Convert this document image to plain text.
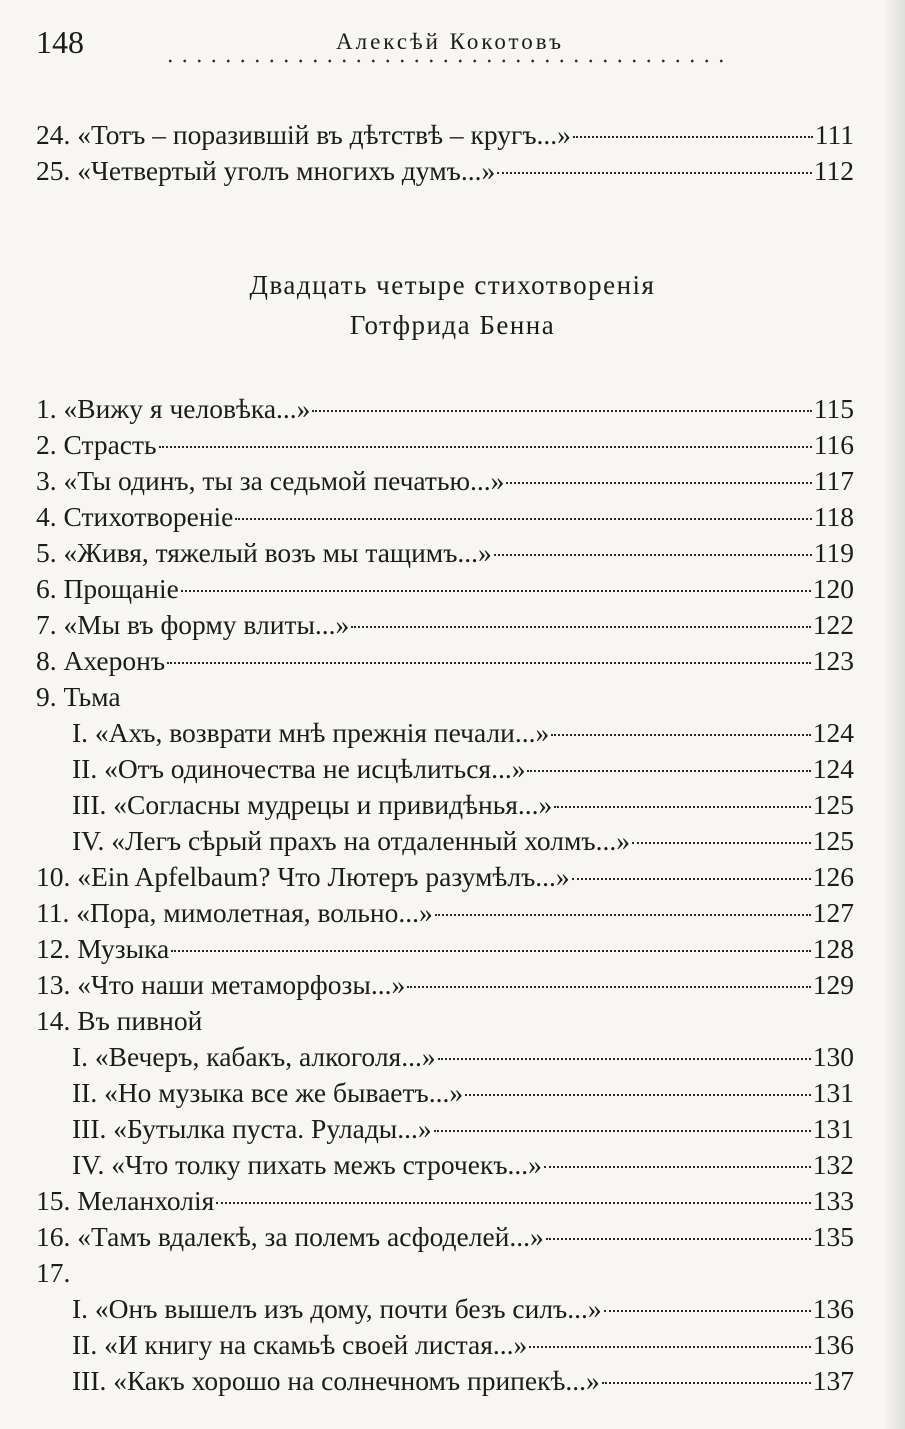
148	Алексѣй Кокотовъ
24. «Тотъ – поразившій въ дѣтствѣ – кругъ...»	111
25. «Четвертый уголъ многихъ думъ...»	112
Двадцать четыре стихотворенія
Готфрида Бенна
1. «Вижу я человѣка...»	115
2. Страсть	116
3. «Ты одинъ, ты за седьмой печатью...»	117
4. Стихотвореніе	118
5. «Живя, тяжелый возъ мы тащимъ...»	119
6. Прощаніе	120
7. «Мы въ форму влиты...»	122
8. Ахеронъ	123
9. Тьма
I. «Ахъ, возврати мнѣ прежнія печали...»	124
II. «Отъ одиночества не исцѣлиться...»	124
III. «Согласны мудрецы и привидѣнья...»	125
IV. «Легъ сѣрый прахъ на отдаленный холмъ...»	125
10. «Ein Apfelbaum? Что Лютеръ разумѣлъ...»	126
11. «Пора, мимолетная, вольно...»	127
12. Музыка	128
13. «Что наши метаморфозы...»	129
14. Въ пивной
I. «Вечеръ, кабакъ, алкоголя...»	130
II. «Но музыка все же бываетъ...»	131
III. «Бутылка пуста. Рулады...»	131
IV. «Что толку пихать межъ строчекъ...»	132
15. Меланхолія	133
16. «Тамъ вдалекѣ, за полемъ асфоделей...»	135
17.
I. «Онъ вышелъ изъ дому, почти безъ силъ...»	136
II. «И книгу на скамьѣ своей листая...»	136
III. «Какъ хорошо на солнечномъ припекѣ...»	137
